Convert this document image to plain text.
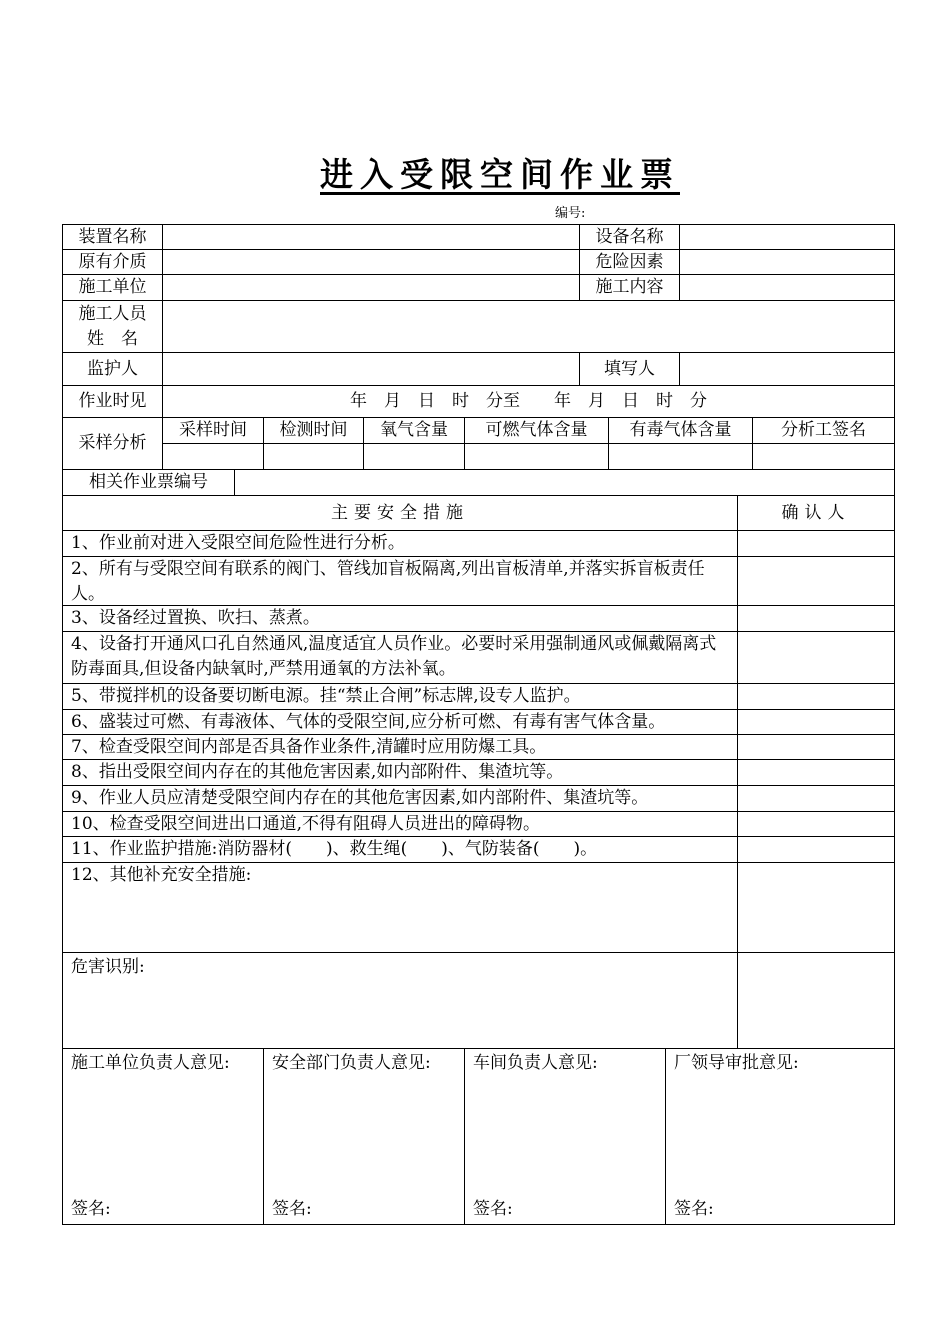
进入受限空间作业票
编号:
装置名称	设备名称
原有介质	危险因素
施工单位	施工内容
施工人员
姓　名
监护人	填写人
作业时见	年　月　日　时　分至　　年　月　日　时　分
采样分析
采样时间	检测时间	氧气含量	可燃气体含量	有毒气体含量	分析工签名
相关作业票编号
主要安全措施	确认人
1、作业前对进入受限空间危险性进行分析。
2、所有与受限空间有联系的阀门、管线加盲板隔离,列出盲板清单,并落实拆盲板责任人。
3、设备经过置换、吹扫、蒸煮。
4、设备打开通风口孔自然通风,温度适宜人员作业。必要时采用强制通风或佩戴隔离式防毒面具,但设备内缺氧时,严禁用通氧的方法补氧。
5、带搅拌机的设备要切断电源。挂“禁止合闸”标志牌,设专人监护。
6、盛装过可燃、有毒液体、气体的受限空间,应分析可燃、有毒有害气体含量。
7、检查受限空间内部是否具备作业条件,清罐时应用防爆工具。
8、指出受限空间内存在的其他危害因素,如内部附件、集渣坑等。
9、作业人员应清楚受限空间内存在的其他危害因素,如内部附件、集渣坑等。
10、检查受限空间进出口通道,不得有阻碍人员进出的障碍物。
11、作业监护措施:消防器材(　　)、救生绳(　　)、气防装备(　　)。
12、其他补充安全措施:
危害识别:
施工单位负责人意见:
签名:
安全部门负责人意见:
签名:
车间负责人意见:
签名:
厂领导审批意见:
签名:
